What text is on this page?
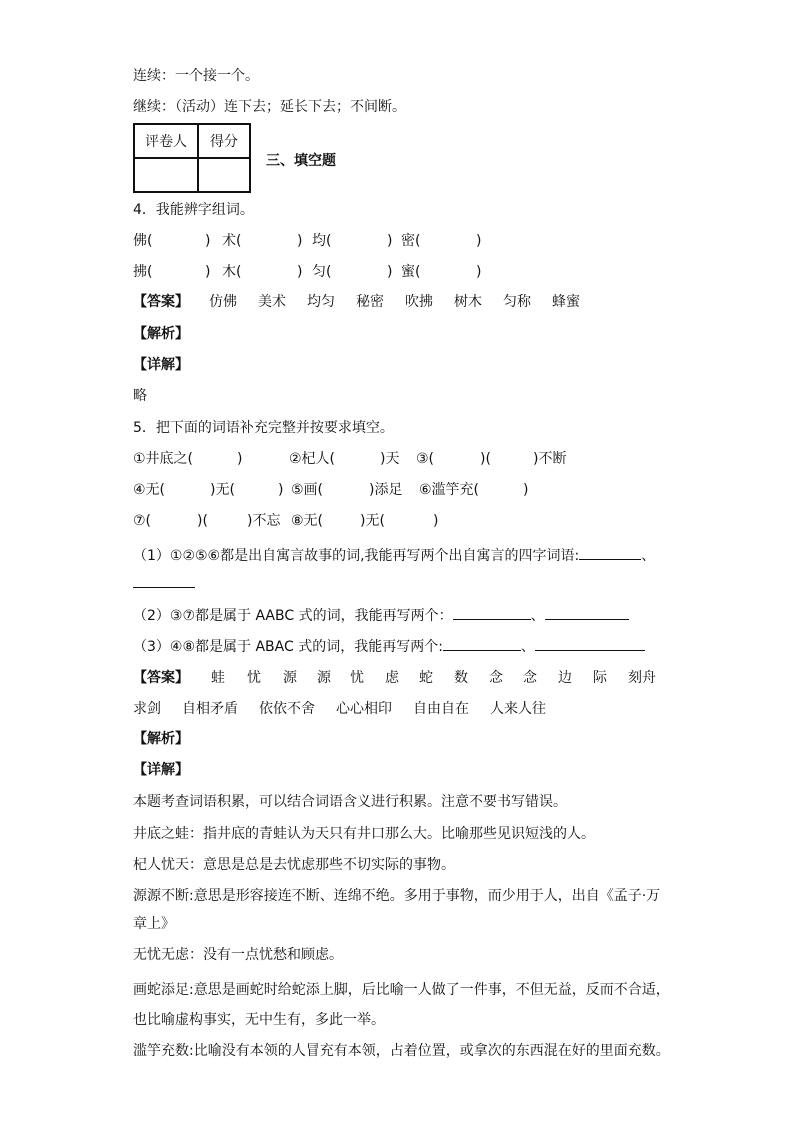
连续：一个接一个。
继续：（活动）连下去；延长下去；不间断。
评卷人	得分

三、填空题
4．我能辨字组词。
佛(	) 术(	) 均(	) 密(	)
拂(	) 木(	) 匀(	) 蜜(	)
【答案】 仿佛 美术 均匀 秘密 吹拂 树木 匀称 蜂蜜
【解析】
【详解】
略
5．把下面的词语补充完整并按要求填空。
①井底之(	)	②杞人(	)天 ③(	)(	)不断
④无(	)无(	) ⑤画(	)添足 ⑥滥竽充(	)
⑦(	)(	)不忘 ⑧无(	)无(	)
（1）①②⑤⑥都是出自寓言故事的词,我能再写两个出自寓言的四字词语:	、
（2）③⑦都是属于 AABC 式的词，我能再写两个：	、
（3）④⑧都是属于 ABAC 式的词，我能再写两个:	、
【答案】 蛙 忧 源 源 忧 虑 蛇 数 念 念 边 际 刻舟
求剑 自相矛盾 依依不舍 心心相印 自由自在 人来人往
【解析】
【详解】
本题考查词语积累，可以结合词语含义进行积累。注意不要书写错误。
井底之蛙：指井底的青蛙认为天只有井口那么大。比喻那些见识短浅的人。
杞人忧天：意思是总是去忧虑那些不切实际的事物。
源源不断:意思是形容接连不断、连绵不绝。多用于事物，而少用于人，出自《孟子·万
章上》
无忧无虑：没有一点忧愁和顾虑。
画蛇添足:意思是画蛇时给蛇添上脚，后比喻一人做了一件事，不但无益，反而不合适，
也比喻虚构事实，无中生有，多此一举。
滥竽充数:比喻没有本领的人冒充有本领，占着位置，或拿次的东西混在好的里面充数。
